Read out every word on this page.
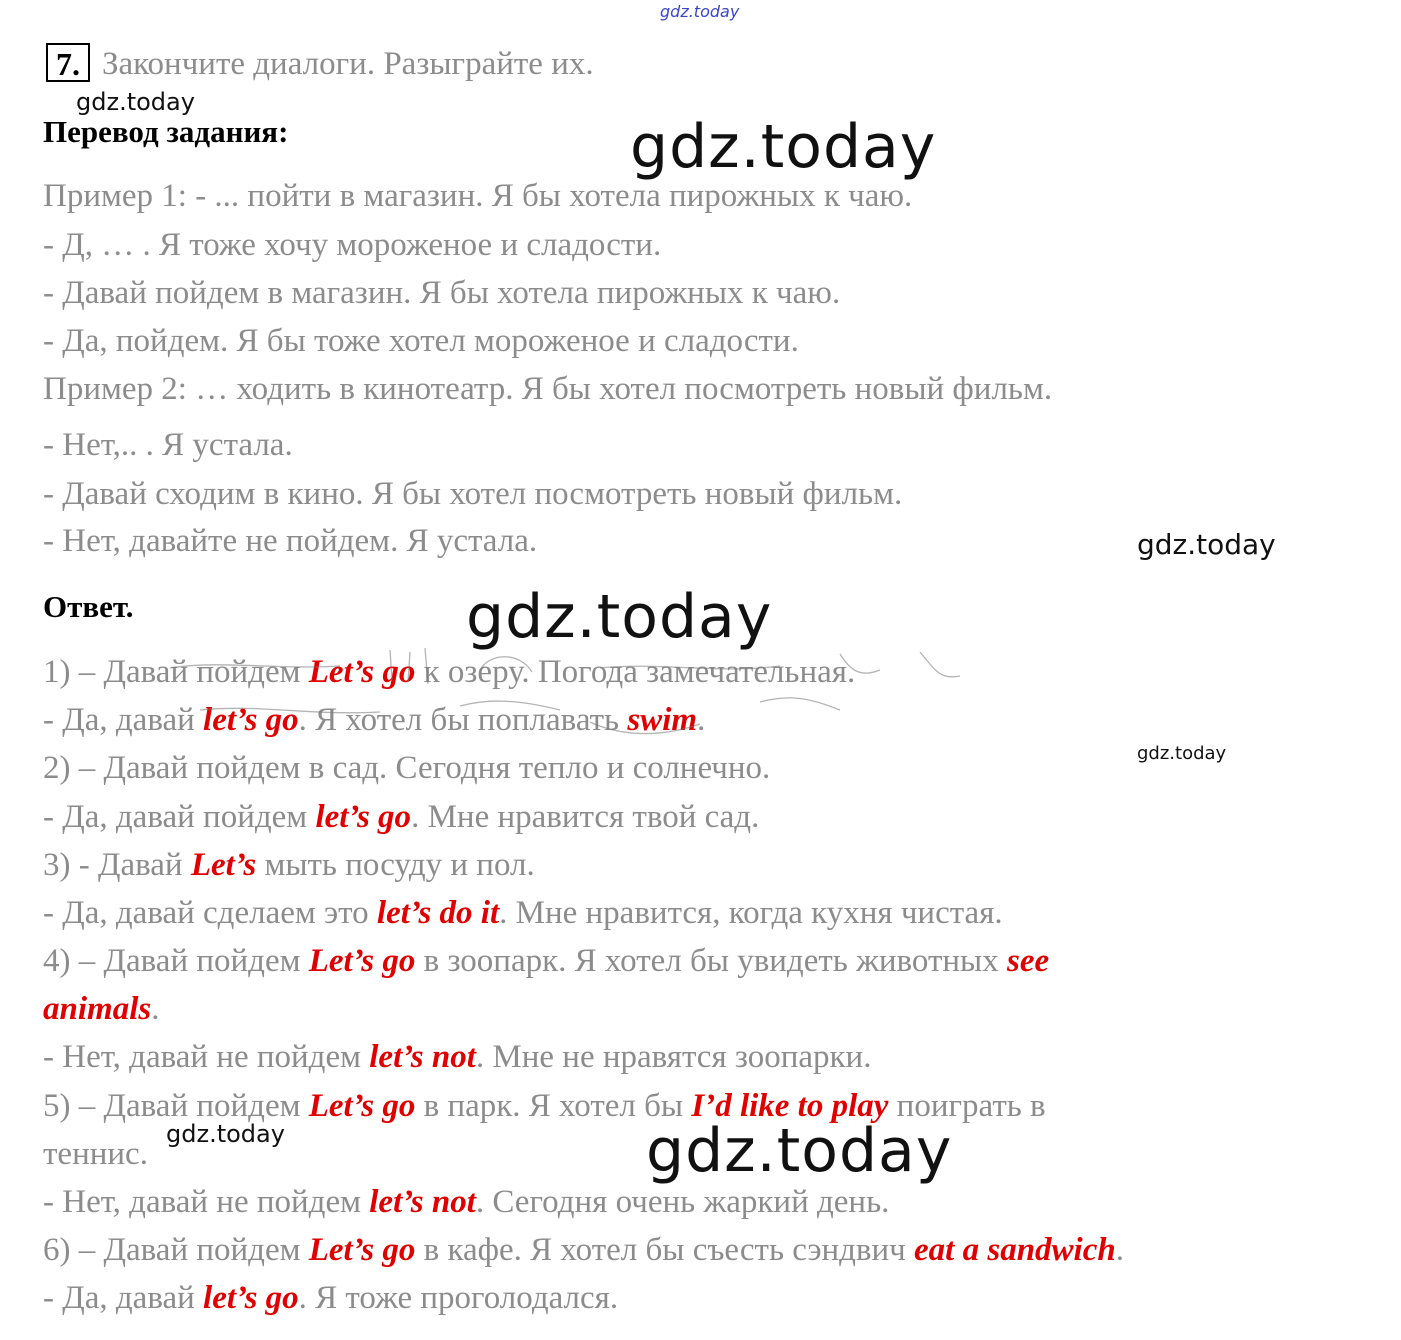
gdz.today
gdz.today
gdz.today
gdz.today
gdz.today
gdz.today
gdz.today	gdz.today
7. Закончите диалоги. Разыграйте их.
Перевод задания:
Пример 1: - ... пойти в магазин. Я бы хотела пирожных к чаю.
- Д, … . Я тоже хочу мороженое и сладости.
- Давай пойдем в магазин. Я бы хотела пирожных к чаю.
- Да, пойдем. Я бы тоже хотел мороженое и сладости.
Пример 2: … ходить в кинотеатр. Я бы хотел посмотреть новый фильм.
- Нет,.. . Я устала.
- Давай сходим в кино. Я бы хотел посмотреть новый фильм.
- Нет, давайте не пойдем. Я устала.
Ответ.
1) – Давай пойдем Let’s go к озеру. Погода замечательная.
- Да, давай let’s go. Я хотел бы поплавать swim.
2) – Давай пойдем в сад. Сегодня тепло и солнечно.
- Да, давай пойдем let’s go. Мне нравится твой сад.
3) - Давай Let’s мыть посуду и пол.
- Да, давай сделаем это let’s do it. Мне нравится, когда кухня чистая.
4) – Давай пойдем Let’s go в зоопарк. Я хотел бы увидеть животных see
animals.
- Нет, давай не пойдем let’s not. Мне не нравятся зоопарки.
5) – Давай пойдем Let’s go в парк. Я хотел бы I’d like to play поиграть в
теннис.
- Нет, давай не пойдем let’s not. Сегодня очень жаркий день.
6) – Давай пойдем Let’s go в кафе. Я хотел бы съесть сэндвич eat a sandwich.
- Да, давай let’s go. Я тоже проголодался.
